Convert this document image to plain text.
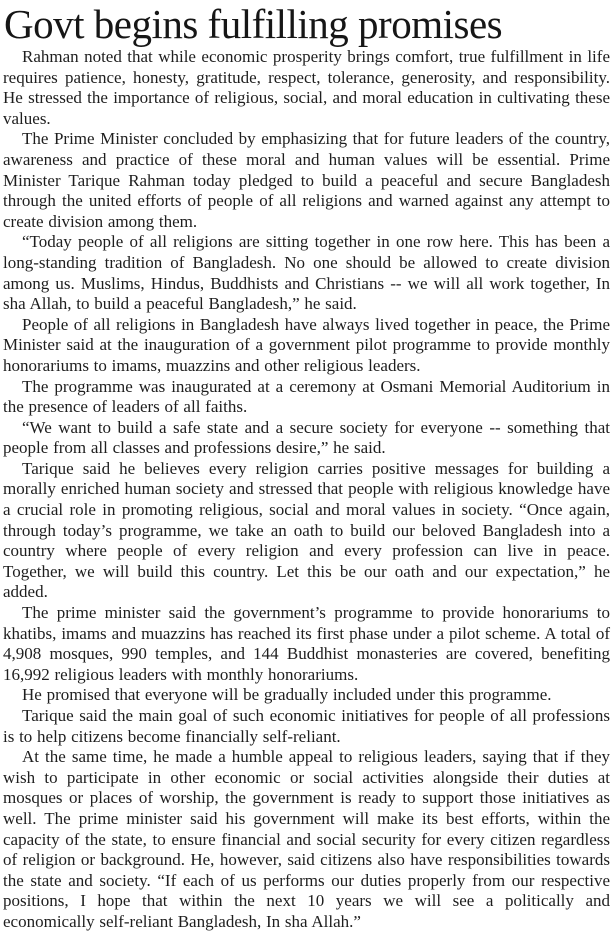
Govt begins fulfilling promises

Rahman noted that while economic prosperity brings comfort, true fulfillment in life requires patience, honesty, gratitude, respect, tolerance, generosity, and responsibility. He stressed the importance of religious, social, and moral education in cultivating these values.

The Prime Minister concluded by emphasizing that for future leaders of the country, awareness and practice of these moral and human values will be essential. Prime Minister Tarique Rahman today pledged to build a peaceful and secure Bangladesh through the united efforts of people of all religions and warned against any attempt to create division among them.

“Today people of all religions are sitting together in one row here. This has been a long-standing tradition of Bangladesh. No one should be allowed to create division among us. Muslims, Hindus, Buddhists and Christians -- we will all work together, In sha Allah, to build a peaceful Bangladesh,” he said.

People of all religions in Bangladesh have always lived together in peace, the Prime Minister said at the inauguration of a government pilot programme to provide monthly honorariums to imams, muazzins and other religious leaders.

The programme was inaugurated at a ceremony at Osmani Memorial Auditorium in the presence of leaders of all faiths.

“We want to build a safe state and a secure society for everyone -- something that people from all classes and professions desire,” he said.

Tarique said he believes every religion carries positive messages for building a morally enriched human society and stressed that people with religious knowledge have a crucial role in promoting religious, social and moral values in society. “Once again, through today’s programme, we take an oath to build our beloved Bangladesh into a country where people of every religion and every profession can live in peace. Together, we will build this country. Let this be our oath and our expectation,” he added.

The prime minister said the government’s programme to provide honorariums to khatibs, imams and muazzins has reached its first phase under a pilot scheme. A total of 4,908 mosques, 990 temples, and 144 Buddhist monasteries are covered, benefiting 16,992 religious leaders with monthly honorariums.

He promised that everyone will be gradually included under this programme.

Tarique said the main goal of such economic initiatives for people of all professions is to help citizens become financially self-reliant.

At the same time, he made a humble appeal to religious leaders, saying that if they wish to participate in other economic or social activities alongside their duties at mosques or places of worship, the government is ready to support those initiatives as well. The prime minister said his government will make its best efforts, within the capacity of the state, to ensure financial and social security for every citizen regardless of religion or background. He, however, said citizens also have responsibilities towards the state and society. “If each of us performs our duties properly from our respective positions, I hope that within the next 10 years we will see a politically and economically self-reliant Bangladesh, In sha Allah.”
